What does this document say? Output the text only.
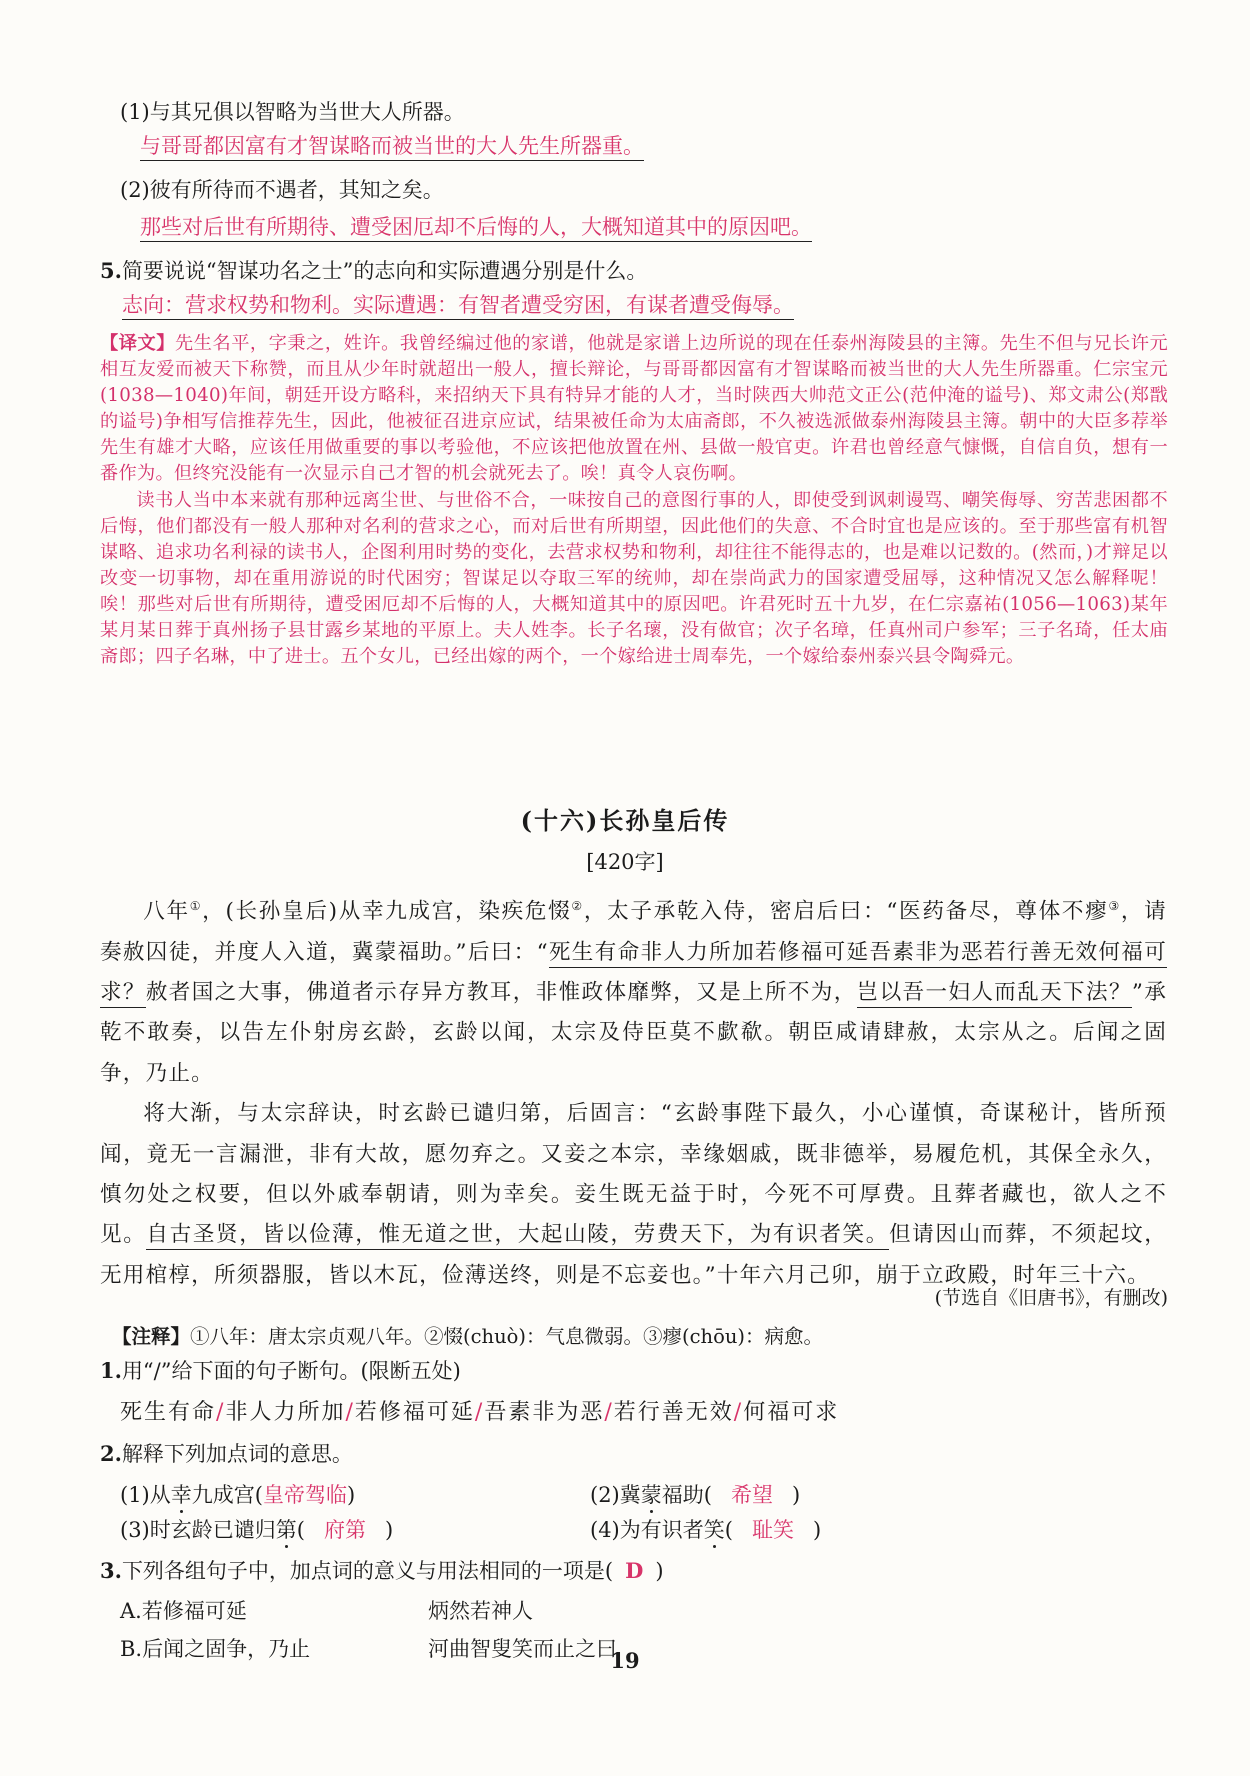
(1)与其兄俱以智略为当世大人所器。
与哥哥都因富有才智谋略而被当世的大人先生所器重。
(2)彼有所待而不遇者，其知之矣。
那些对后世有所期待、遭受困厄却不后悔的人，大概知道其中的原因吧。
5.简要说说“智谋功名之士”的志向和实际遭遇分别是什么。
志向：营求权势和物利。实际遭遇：有智者遭受穷困，有谋者遭受侮辱。

【译文】先生名平，字秉之，姓许。我曾经编过他的家谱，他就是家谱上边所说的现在任泰州海陵县的主簿。先生不但与兄长许元相互友爱而被天下称赞，而且从少年时就超出一般人，擅长辩论，与哥哥都因富有才智谋略而被当世的大人先生所器重。仁宗宝元(1038—1040)年间，朝廷开设方略科，来招纳天下具有特异才能的人才，当时陕西大帅范文正公(范仲淹的谥号)、郑文肃公(郑戬的谥号)争相写信推荐先生，因此，他被征召进京应试，结果被任命为太庙斋郎，不久被选派做泰州海陵县主簿。朝中的大臣多荐举先生有雄才大略，应该任用做重要的事以考验他，不应该把他放置在州、县做一般官吏。许君也曾经意气慷慨，自信自负，想有一番作为。但终究没能有一次显示自己才智的机会就死去了。唉！真令人哀伤啊。

读书人当中本来就有那种远离尘世、与世俗不合，一味按自己的意图行事的人，即使受到讽刺谩骂、嘲笑侮辱、穷苦悲困都不后悔，他们都没有一般人那种对名利的营求之心，而对后世有所期望，因此他们的失意、不合时宜也是应该的。至于那些富有机智谋略、追求功名利禄的读书人，企图利用时势的变化，去营求权势和物利，却往往不能得志的，也是难以记数的。(然而，)才辩足以改变一切事物，却在重用游说的时代困穷；智谋足以夺取三军的统帅，却在崇尚武力的国家遭受屈辱，这种情况又怎么解释呢！唉！那些对后世有所期待，遭受困厄却不后悔的人，大概知道其中的原因吧。许君死时五十九岁，在仁宗嘉祐(1056—1063)某年某月某日葬于真州扬子县甘露乡某地的平原上。夫人姓李。长子名瓌，没有做官；次子名璋，任真州司户参军；三子名琦，任太庙斋郎；四子名琳，中了进士。五个女儿，已经出嫁的两个，一个嫁给进士周奉先，一个嫁给泰州泰兴县令陶舜元。

(十六)长孙皇后传
[420字]

八年①，(长孙皇后)从幸九成宫，染疾危惙②，太子承乾入侍，密启后曰：“医药备尽，尊体不瘳③，请奏赦囚徒，并度人入道，冀蒙福助。”后曰：“死生有命非人力所加若修福可延吾素非为恶若行善无效何福可求？赦者国之大事，佛道者示存异方教耳，非惟政体靡弊，又是上所不为，岂以吾一妇人而乱天下法？”承乾不敢奏，以告左仆射房玄龄，玄龄以闻，太宗及侍臣莫不歔欷。朝臣咸请肆赦，太宗从之。后闻之固争，乃止。

将大渐，与太宗辞诀，时玄龄已谴归第，后固言：“玄龄事陛下最久，小心谨慎，奇谋秘计，皆所预闻，竟无一言漏泄，非有大故，愿勿弃之。又妾之本宗，幸缘姻戚，既非德举，易履危机，其保全永久，慎勿处之权要，但以外戚奉朝请，则为幸矣。妾生既无益于时，今死不可厚费。且葬者藏也，欲人之不见。自古圣贤，皆以俭薄，惟无道之世，大起山陵，劳费天下，为有识者笑。但请因山而葬，不须起坟，无用棺椁，所须器服，皆以木瓦，俭薄送终，则是不忘妾也。”十年六月己卯，崩于立政殿，时年三十六。

(节选自《旧唐书》，有删改)
【注释】①八年：唐太宗贞观八年。②惙(chuò)：气息微弱。③瘳(chōu)：病愈。
1.用“/”给下面的句子断句。(限断五处)
死生有命/非人力所加/若修福可延/吾素非为恶/若行善无效/何福可求
2.解释下列加点词的意思。
(1)从幸九成宫(皇帝驾临)	(2)冀蒙福助( 希望 )
(3)时玄龄已谴归第( 府第 )	(4)为有识者笑( 耻笑 )
3.下列各组句子中，加点词的意义与用法相同的一项是( D )
A.若修福可延	炳然若神人
B.后闻之固争，乃止	河曲智叟笑而止之曰
19
